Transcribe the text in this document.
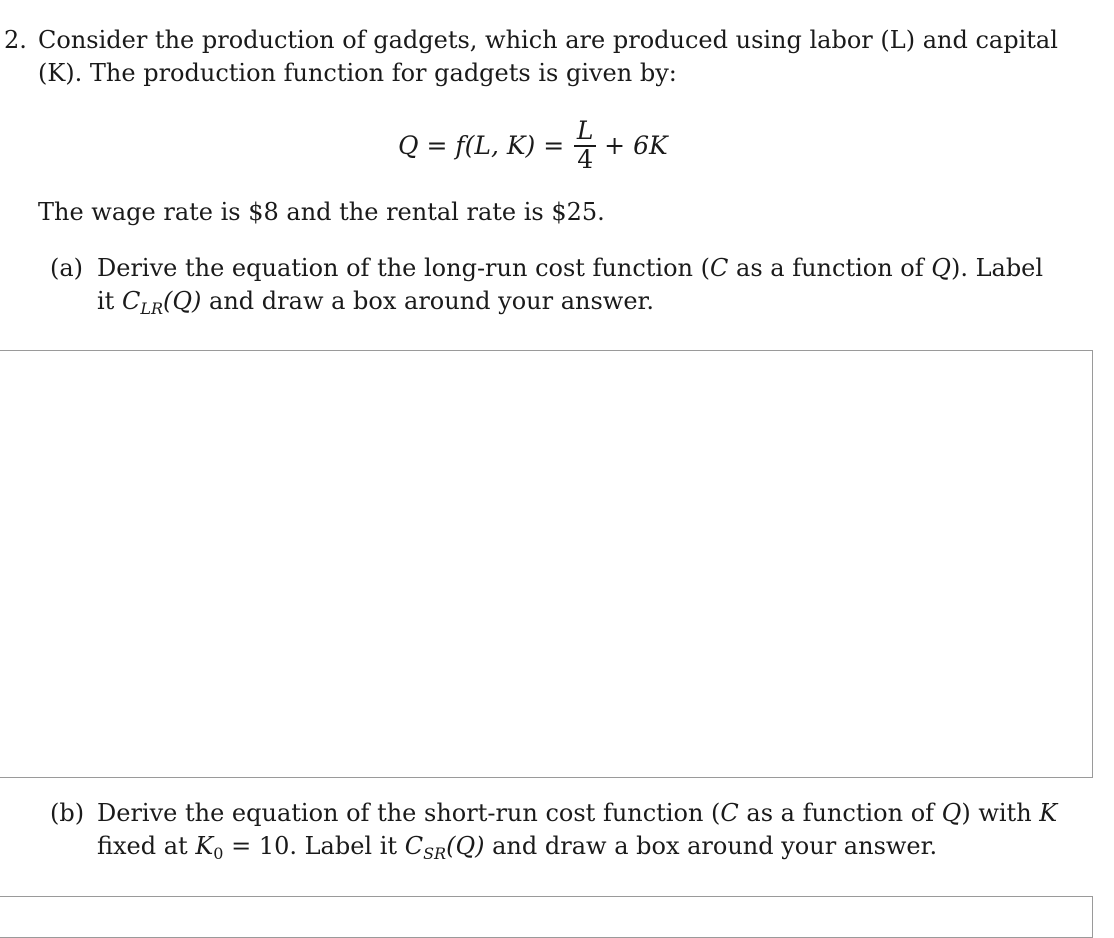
2. Consider the production of gadgets, which are produced using labor (L) and capital
(K). The production function for gadgets is given by:
Q = f(L, $K) = \frac{L}{4} + 6K$
The wage rate is $8 and the rental rate is $25.
(a) Derive the equation of the long-run cost function (C as a function of Q). Label
it $C_{LR}(Q)$ and draw a box around your answer.
(b) Derive the equation of the short-run cost function (C as a function of Q) with K
fixed at $K_0 = 10$. Label it $C_{SR}(Q)$ and draw a box around your answer.
